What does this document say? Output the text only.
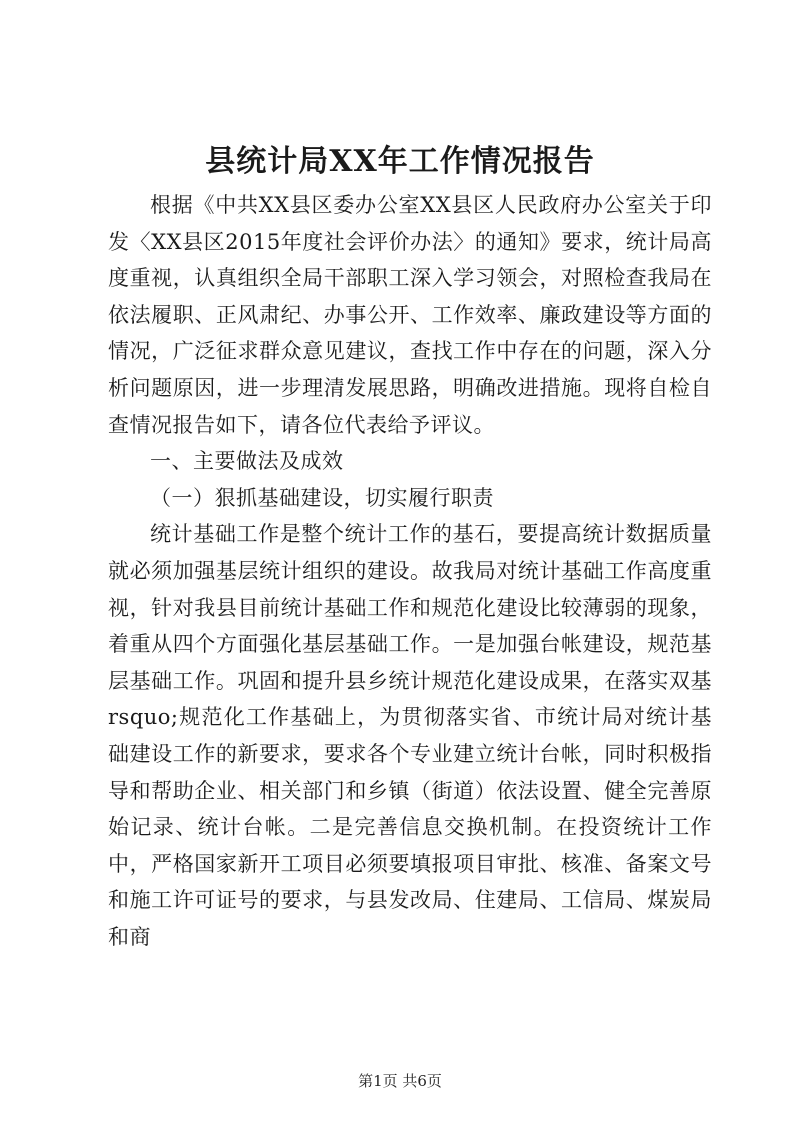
县统计局XX年工作情况报告

根据《中共XX县区委办公室XX县区人民政府办公室关于印发〈XX县区2015年度社会评价办法〉的通知》要求，统计局高度重视，认真组织全局干部职工深入学习领会，对照检查我局在依法履职、正风肃纪、办事公开、工作效率、廉政建设等方面的情况，广泛征求群众意见建议，查找工作中存在的问题，深入分析问题原因，进一步理清发展思路，明确改进措施。现将自检自查情况报告如下，请各位代表给予评议。

一、主要做法及成效

（一）狠抓基础建设，切实履行职责

统计基础工作是整个统计工作的基石，要提高统计数据质量就必须加强基层统计组织的建设。故我局对统计基础工作高度重视，针对我县目前统计基础工作和规范化建设比较薄弱的现象，着重从四个方面强化基层基础工作。一是加强台帐建设，规范基层基础工作。巩固和提升县乡统计规范化建设成果，在落实双基rsquo;规范化工作基础上，为贯彻落实省、市统计局对统计基础建设工作的新要求，要求各个专业建立统计台帐，同时积极指导和帮助企业、相关部门和乡镇（街道）依法设置、健全完善原始记录、统计台帐。二是完善信息交换机制。在投资统计工作中，严格国家新开工项目必须要填报项目审批、核准、备案文号和施工许可证号的要求，与县发改局、住建局、工信局、煤炭局和商

第1页 共6页
